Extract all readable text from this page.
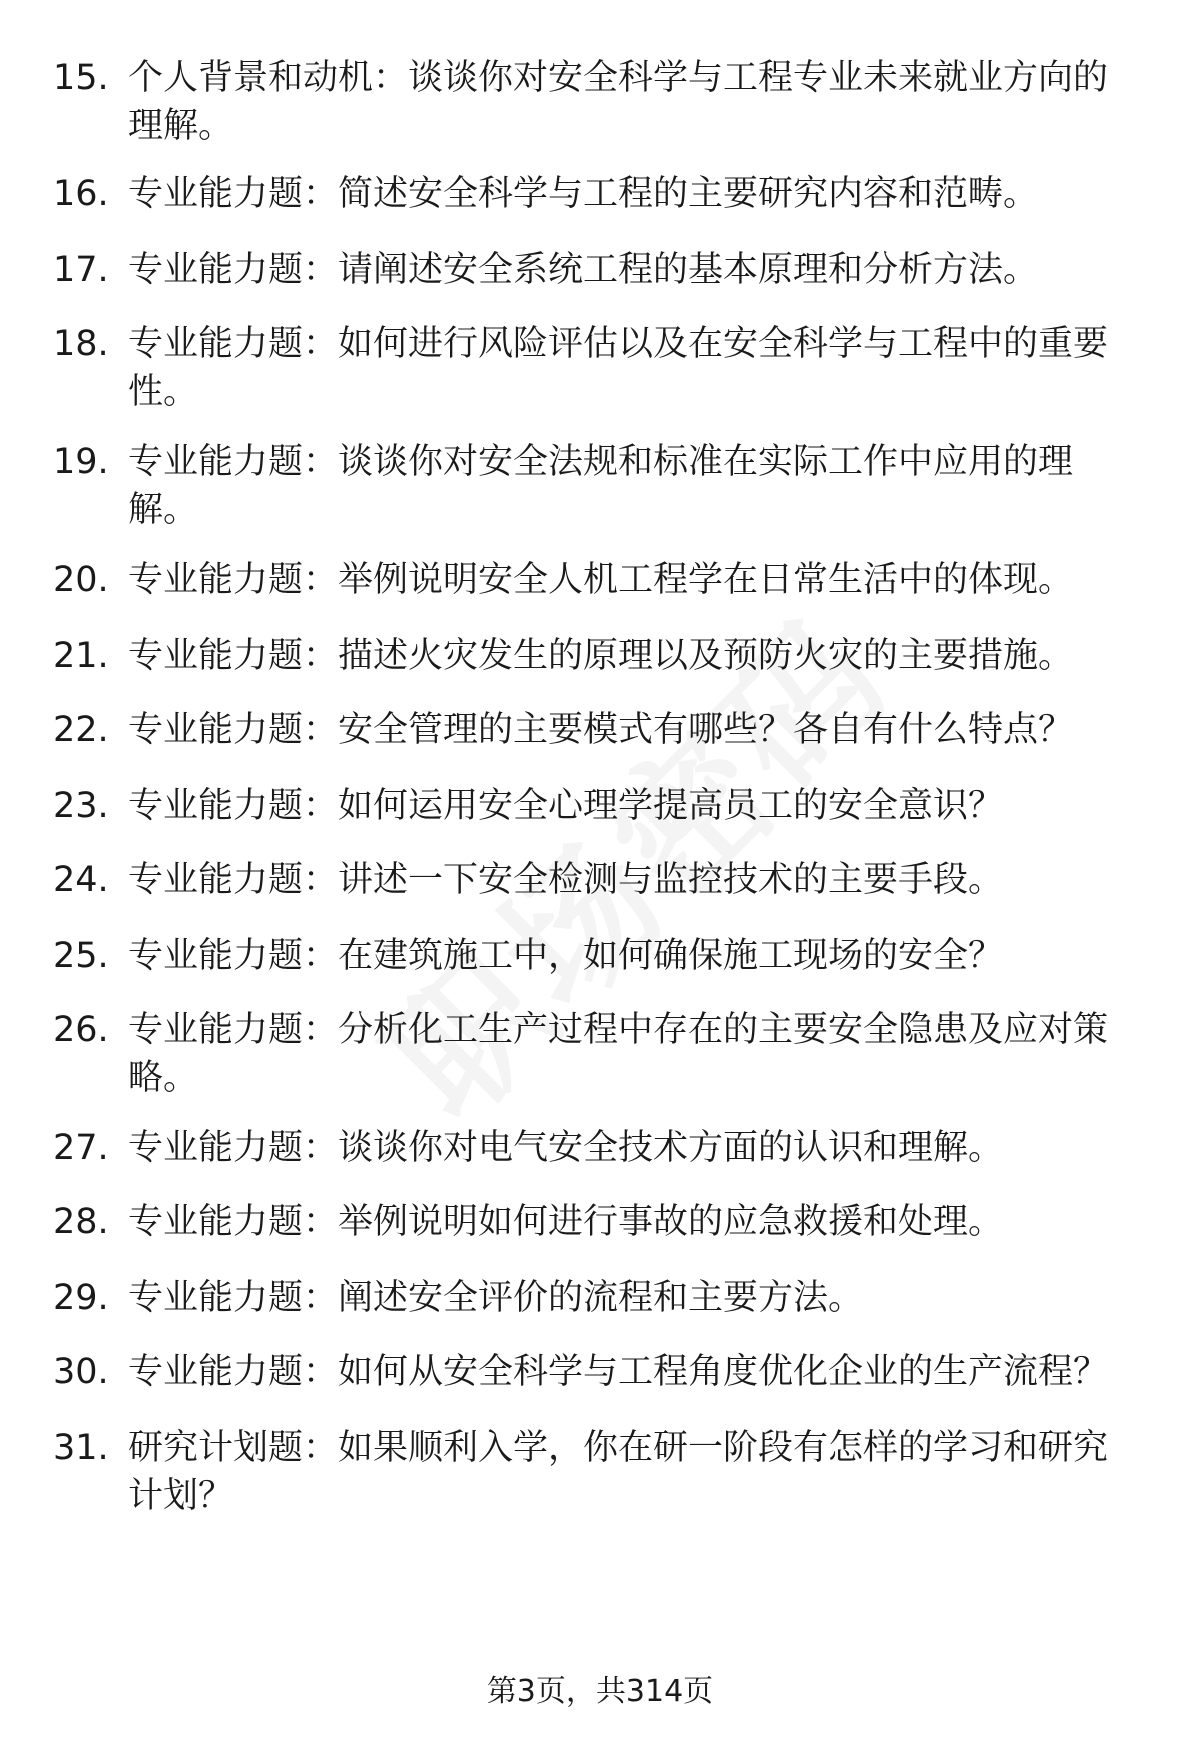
15. 个人背景和动机：谈谈你对安全科学与工程专业未来就业方向的理解。
16. 专业能力题：简述安全科学与工程的主要研究内容和范畴。
17. 专业能力题：请阐述安全系统工程的基本原理和分析方法。
18. 专业能力题：如何进行风险评估以及在安全科学与工程中的重要性。
19. 专业能力题：谈谈你对安全法规和标准在实际工作中应用的理解。
20. 专业能力题：举例说明安全人机工程学在日常生活中的体现。
21. 专业能力题：描述火灾发生的原理以及预防火灾的主要措施。
22. 专业能力题：安全管理的主要模式有哪些？各自有什么特点？
23. 专业能力题：如何运用安全心理学提高员工的安全意识？
24. 专业能力题：讲述一下安全检测与监控技术的主要手段。
25. 专业能力题：在建筑施工中，如何确保施工现场的安全？
26. 专业能力题：分析化工生产过程中存在的主要安全隐患及应对策略。
27. 专业能力题：谈谈你对电气安全技术方面的认识和理解。
28. 专业能力题：举例说明如何进行事故的应急救援和处理。
29. 专业能力题：阐述安全评价的流程和主要方法。
30. 专业能力题：如何从安全科学与工程角度优化企业的生产流程？
31. 研究计划题：如果顺利入学，你在研一阶段有怎样的学习和研究计划？
第3页，共314页
